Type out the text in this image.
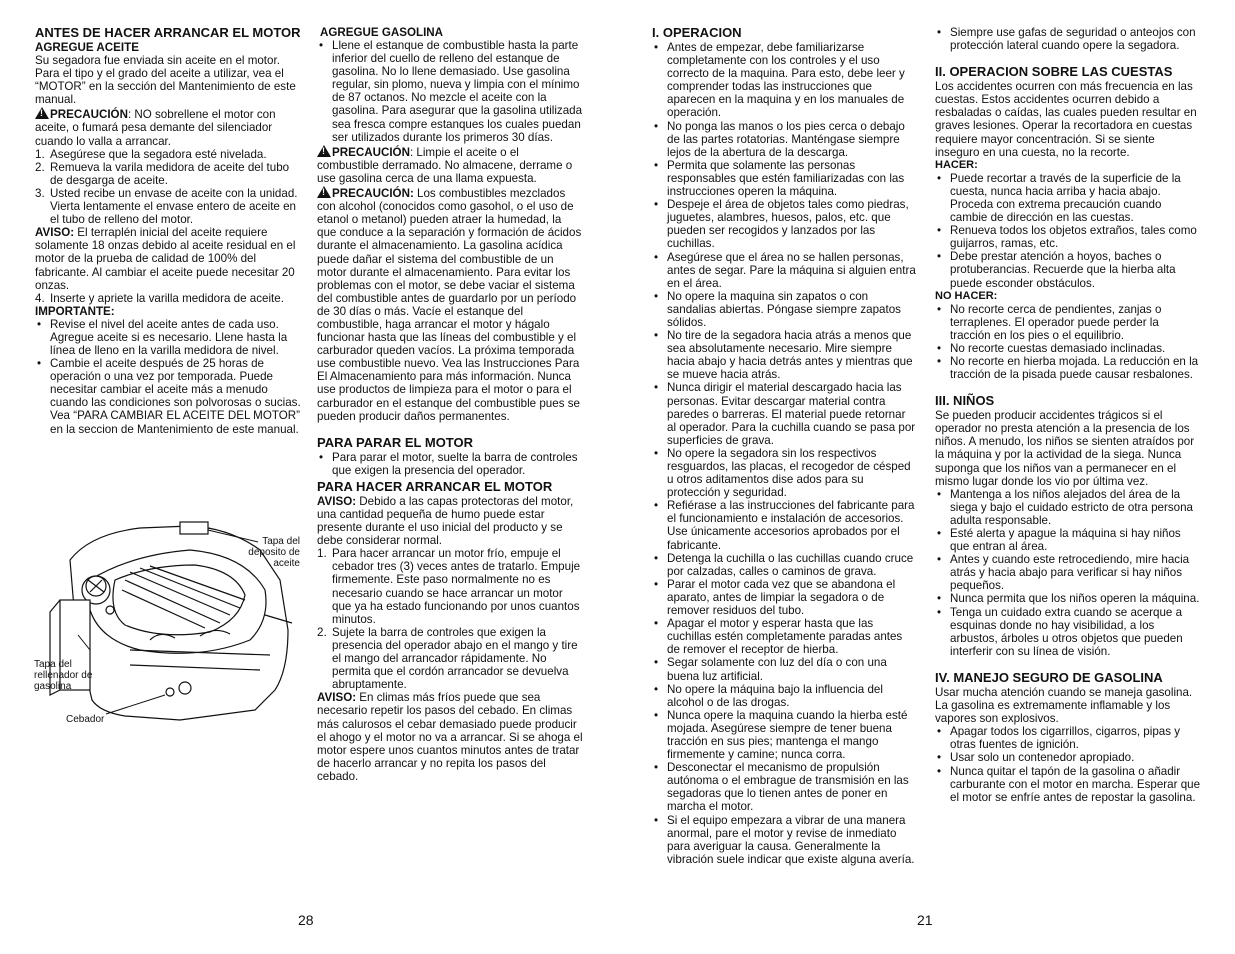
ANTES DE HACER ARRANCAR EL MOTOR
AGREGUE ACEITE

Su segadora fue enviada sin aceite en el motor. Para el tipo y el grado del aceite a utilizar, vea el “MOTOR” en la sección del Mantenimiento de este manual.

!PRECAUCIÓN: NO sobrellene el motor con aceite, o fumará pesa demante del silenciador cuando lo valla a arrancar.

1. Asegúrese que la segadora esté nivelada.
2. Remueva la varila medidora de aceite del tubo de desgarga de aceite.
3. Usted recibe un envase de aceite con la unidad. Vierta lentamente el envase entero de aceite en el tubo de relleno del motor.

AVISO: El terraplén inicial del aceite requiere solamente 18 onzas debido al aceite residual en el motor de la prueba de calidad de 100% del fabricante. Al cambiar el aceite puede necesitar 20 onzas.

4. Inserte y apriete la varilla medidora de aceite.
IMPORTANTE:
• Revise el nivel del aceite antes de cada uso. Agregue aceite si es necesario. Llene hasta la línea de lleno en la varilla medidora de nivel.
• Cambie el aceite después de 25 horas de operación o una vez por temporada. Puede necesitar cambiar el aceite más a menudo cuando las condiciones son polvorosas o sucias. Vea “PARA CAMBIAR EL ACEITE DEL MOTOR” en la seccion de Mantenimiento de este manual.
Tapa del deposito de aceite
Tapa del rellenador de gasolina
Cebador
AGREGUE GASOLINA
• Llene el estanque de combustible hasta la parte inferior del cuello de relleno del estanque de gasolina. No lo llene demasiado. Use gasolina regular, sin plomo, nueva y limpia con el mínimo de 87 octanos. No mezcle el aceite con la gasolina. Para asegurar que la gasolina utilizada sea fresca compre estanques los cuales puedan ser utilizados durante los primeros 30 días.

!PRECAUCIÓN: Limpie el aceite o el combustible derramado. No almacene, derrame o use gasolina cerca de una llama expuesta.

!PRECAUCIÓN: Los combustibles mezclados con alcohol (conocidos como gasohol, o el uso de etanol o metanol) pueden atraer la humedad, la que conduce a la separación y formación de ácidos durante el almacenamiento. La gasolina acídica puede dañar el sistema del combustible de un motor durante el almacenamiento. Para evitar los problemas con el motor, se debe vaciar el sistema del combustible antes de guardarlo por un período de 30 días o más. Vacíe el estanque del combustible, haga arrancar el motor y hágalo funcionar hasta que las líneas del combustible y el carburador queden vacíos. La próxima temporada use combustible nuevo. Vea las Instrucciones Para El Almacenamiento para más información. Nunca use productos de limpieza para el motor o para el carburador en el estanque del combustible pues se pueden producir daños permanentes.

PARA PARAR EL MOTOR
• Para parar el motor, suelte la barra de controles que exigen la presencia del operador.
PARA HACER ARRANCAR EL MOTOR

AVISO: Debido a las capas protectoras del motor, una cantidad pequeña de humo puede estar presente durante el uso inicial del producto y se debe considerar normal.

1. Para hacer arrancar un motor frío, empuje el cebador tres (3) veces antes de tratarlo. Empuje firmemente. Este paso normalmente no es necesario cuando se hace arrancar un motor que ya ha estado funcionando por unos cuantos minutos.
2. Sujete la barra de controles que exigen la presencia del operador abajo en el mango y tire el mango del arrancador rápidamente. No permita que el cordón arrancador se devuelva abruptamente.

AVISO: En climas más fríos puede que sea necesario repetir los pasos del cebado. En climas más calurosos el cebar demasiado puede producir el ahogo y el motor no va a arrancar. Si se ahoga el motor espere unos cuantos minutos antes de tratar de hacerlo arrancar y no repita los pasos del cebado.

28
I. OPERACION
• Antes de empezar, debe familiarizarse completamente con los controles y el uso correcto de la maquina. Para esto, debe leer y comprender todas las instrucciones que aparecen en la maquina y en los manuales de operación.
• No ponga las manos o los pies cerca o debajo de las partes rotatorias. Manténgase siempre lejos de la abertura de la descarga.
• Permita que solamente las personas responsables que estén familiarizadas con las instrucciones operen la máquina.
• Despeje el área de objetos tales como piedras, juguetes, alambres, huesos, palos, etc. que pueden ser recogidos y lanzados por las cuchillas.
• Asegúrese que el área no se hallen personas, antes de segar. Pare la máquina si alguien entra en el área.
• No opere la maquina sin zapatos o con sandalias abiertas. Póngase siempre zapatos sólidos.
• No tire de la segadora hacia atrás a menos que sea absolutamente necesario. Mire siempre hacia abajo y hacia detrás antes y mientras que se mueve hacia atrás.
• Nunca dirigir el material descargado hacia las personas. Evitar descargar material contra paredes o barreras. El material puede retornar al operador. Para la cuchilla cuando se pasa por superficies de grava.
• No opere la segadora sin los respectivos resguardos, las placas, el recogedor de césped u otros aditamentos dise ados para su protección y seguridad.
• Refiérase a las instrucciones del fabricante para el funcionamiento e instalación de accesorios. Use únicamente accesorios aprobados por el fabricante.
• Detenga la cuchilla o las cuchillas cuando cruce por calzadas, calles o caminos de grava.
• Parar el motor cada vez que se abandona el aparato, antes de limpiar la segadora o de remover residuos del tubo.
• Apagar el motor y esperar hasta que las cuchillas estén completamente paradas antes de remover el receptor de hierba.
• Segar solamente con luz del día o con una buena luz artificial.
• No opere la máquina bajo la influencia del alcohol o de las drogas.
• Nunca opere la maquina cuando la hierba esté mojada. Asegúrese siempre de tener buena tracción en sus pies; mantenga el mango firmemente y camine; nunca corra.
• Desconectar el mecanismo de propulsión autónoma o el embrague de transmisión en las segadoras que lo tienen antes de poner en marcha el motor.
• Si el equipo empezara a vibrar de una manera anormal, pare el motor y revise de inmediato para averiguar la causa. Generalmente la vibración suele indicar que existe alguna avería.
21
• Siempre use gafas de seguridad o anteojos con protección lateral cuando opere la segadora.
II. OPERACION SOBRE LAS CUESTAS

Los accidentes ocurren con más frecuencia en las cuestas. Estos accidentes ocurren debido a resbaladas o caídas, las cuales pueden resultar en graves lesiones. Operar la recortadora en cuestas requiere mayor concentración. Si se siente inseguro en una cuesta, no la recorte.

HACER:
• Puede recortar a través de la superficie de la cuesta, nunca hacia arriba y hacia abajo. Proceda con extrema precaución cuando cambie de dirección en las cuestas.
• Renueva todos los objetos extraños, tales como guijarros, ramas, etc.
• Debe prestar atención a hoyos, baches o protuberancias. Recuerde que la hierba alta puede esconder obstáculos.
NO HACER:
• No recorte cerca de pendientes, zanjas o terraplenes. El operador puede perder la tracción en los pies o el equilibrio.
• No recorte cuestas demasiado inclinadas.
• No recorte en hierba mojada. La reducción en la tracción de la pisada puede causar resbalones.
III. NIÑOS

Se pueden producir accidentes trágicos si el operador no presta atención a la presencia de los niños. A menudo, los niños se sienten atraídos por la máquina y por la actividad de la siega. Nunca suponga que los niños van a permanecer en el mismo lugar donde los vio por última vez.

• Mantenga a los niños alejados del área de la siega y bajo el cuidado estricto de otra persona adulta responsable.
• Esté alerta y apague la máquina si hay niños que entran al área.
• Antes y cuando este retrocediendo, mire hacia atrás y hacia abajo para verificar si hay niños pequeños.
• Nunca permita que los niños operen la máquina.
• Tenga un cuidado extra cuando se acerque a esquinas donde no hay visibilidad, a los arbustos, árboles u otros objetos que pueden interferir con su línea de visión.
IV. MANEJO SEGURO DE GASOLINA

Usar mucha atención cuando se maneja gasolina. La gasolina es extremamente inflamable y los vapores son explosivos.

• Apagar todos los cigarrillos, cigarros, pipas y otras fuentes de ignición.
• Usar solo un contenedor apropiado.
• Nunca quitar el tapón de la gasolina o añadir carburante con el motor en marcha. Esperar que el motor se enfríe antes de repostar la gasolina.
